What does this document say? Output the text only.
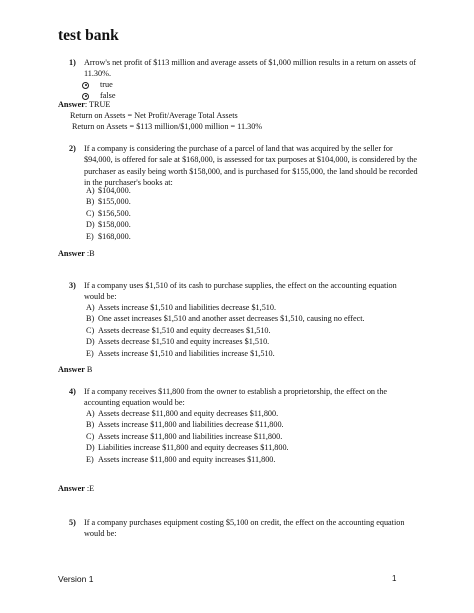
test bank
1) Arrow's net profit of $113 million and average assets of $1,000 million results in a return on assets of 11.30%.
true
false
Answer: TRUE
Return on Assets = Net Profit/Average Total Assets
Return on Assets = $113 million/$1,000 million = 11.30%
2) If a company is considering the purchase of a parcel of land that was acquired by the seller for $94,000, is offered for sale at $168,000, is assessed for tax purposes at $104,000, is considered by the purchaser as easily being worth $158,000, and is purchased for $155,000, the land should be recorded in the purchaser's books at:
A) $104,000.
B) $155,000.
C) $156,500.
D) $158,000.
E) $168,000.
Answer :B
3) If a company uses $1,510 of its cash to purchase supplies, the effect on the accounting equation would be:
A) Assets increase $1,510 and liabilities decrease $1,510.
B) One asset increases $1,510 and another asset decreases $1,510, causing no effect.
C) Assets decrease $1,510 and equity decreases $1,510.
D) Assets decrease $1,510 and equity increases $1,510.
E) Assets increase $1,510 and liabilities increase $1,510.
Answer B
4) If a company receives $11,800 from the owner to establish a proprietorship, the effect on the accounting equation would be:
A) Assets decrease $11,800 and equity decreases $11,800.
B) Assets increase $11,800 and liabilities decrease $11,800.
C) Assets increase $11,800 and liabilities increase $11,800.
D) Liabilities increase $11,800 and equity decreases $11,800.
E) Assets increase $11,800 and equity increases $11,800.
Answer :E
5) If a company purchases equipment costing $5,100 on credit, the effect on the accounting equation would be:
Version 1	1
